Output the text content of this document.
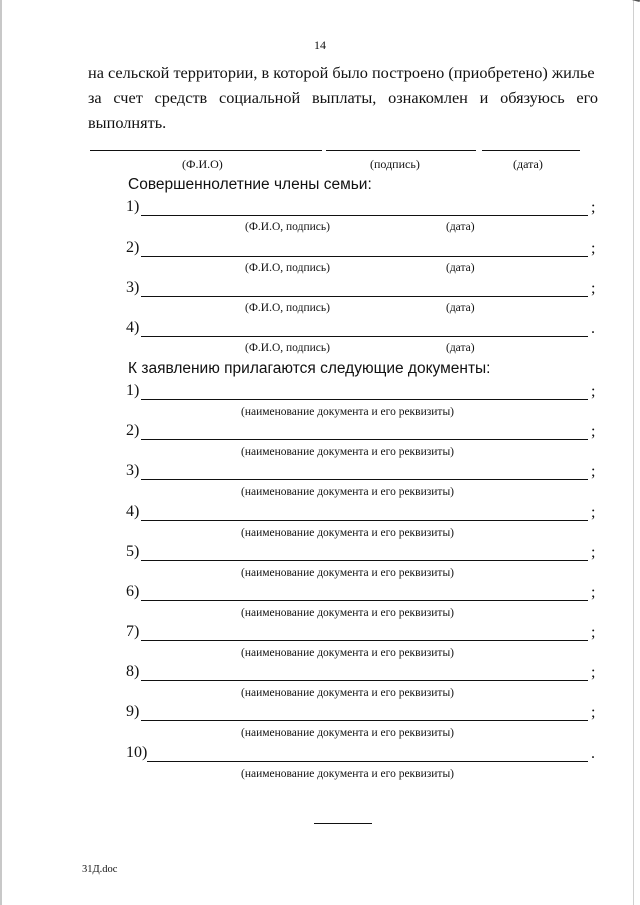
14
на сельской территории, в которой было построено (приобретено) жилье
за счет средств социальной выплаты, ознакомлен и обязуюсь его
выполнять.
(Ф.И.О)	(подпись)	(дата)
Совершеннолетние члены семьи:
1)	;
(Ф.И.О, подпись)	(дата)
2)	;
(Ф.И.О, подпись)	(дата)
3)	;
(Ф.И.О, подпись)	(дата)
4)	.
(Ф.И.О, подпись)	(дата)
К заявлению прилагаются следующие документы:
1)	;
(наименование документа и его реквизиты)
2)	;
(наименование документа и его реквизиты)
3)	;
(наименование документа и его реквизиты)
4)	;
(наименование документа и его реквизиты)
5)	;
(наименование документа и его реквизиты)
6)	;
(наименование документа и его реквизиты)
7)	;
(наименование документа и его реквизиты)
8)	;
(наименование документа и его реквизиты)
9)	;
(наименование документа и его реквизиты)
10)	.
(наименование документа и его реквизиты)
31Д.doc
